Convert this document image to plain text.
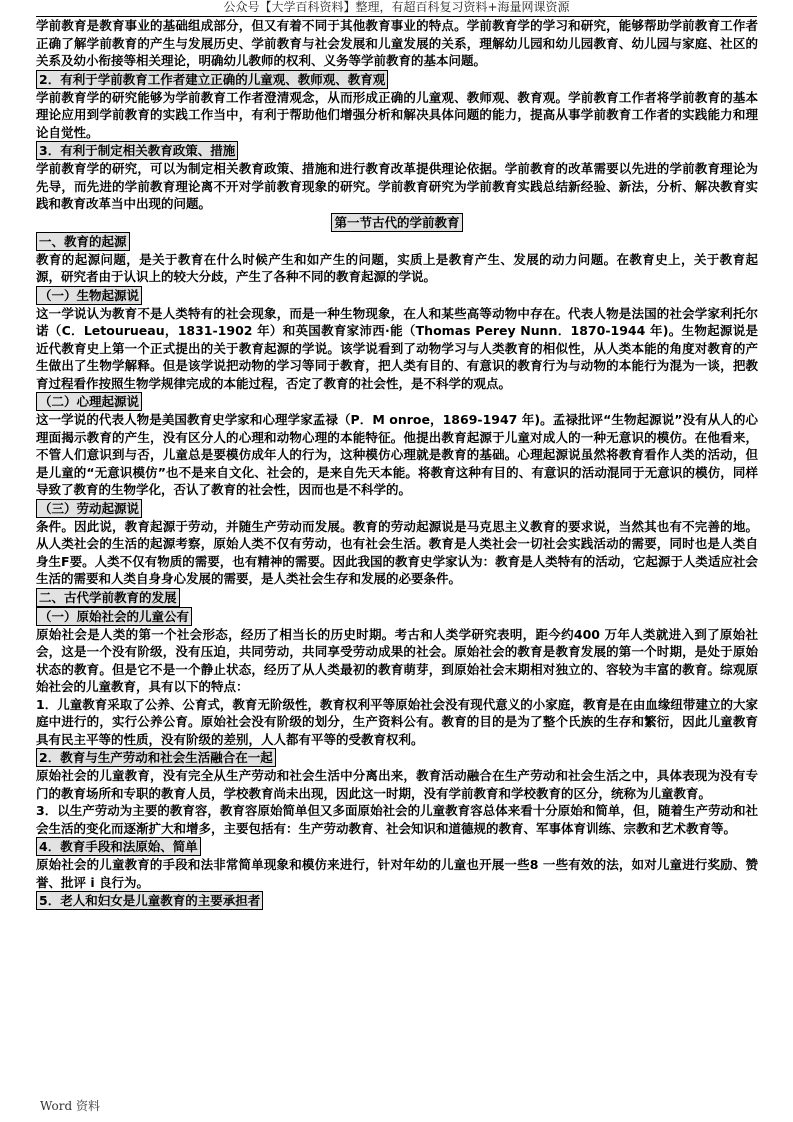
公众号【大学百科资料】整理，有超百科复习资料+海量网课资源

学前教育是教育事业的基础组成部分，但又有着不同于其他教育事业的特点。学前教育学的学习和研究，能够帮助学前教育工作者正确了解学前教育的产生与发展历史、学前教育与社会发展和儿童发展的关系，理解幼儿园和幼儿园教育、幼儿园与家庭、社区的关系及幼小衔接等相关理论，明确幼儿教师的权利、义务等学前教育的基本问题。

2．有利于学前教育工作者建立正确的儿童观、教师观、教育观

学前教育学的研究能够为学前教育工作者澄清观念，从而形成正确的儿童观、教师观、教育观。学前教育工作者将学前教育的基本理论应用到学前教育的实践工作当中，有利于帮助他们增强分析和解决具体问题的能力，提高从事学前教育工作者的实践能力和理论自觉性。

3．有利于制定相关教育政策、措施

学前教育学的研究，可以为制定相关教育政策、措施和进行教育改革提供理论依据。学前教育的改革需要以先进的学前教育理论为先导，而先进的学前教育理论离不开对学前教育现象的研究。学前教育研究为学前教育实践总结新经验、新法，分析、解决教育实践和教育改革当中出现的问题。

第一节古代的学前教育
一、教育的起源

教育的起源问题，是关于教育在什么时候产生和如产生的问题，实质上是教育产生、发展的动力问题。在教育史上，关于教育起源，研究者由于认识上的较大分歧，产生了各种不同的教育起源的学说。

（一）生物起源说

这一学说认为教育不是人类特有的社会现象，而是一种生物现象，在人和某些高等动物中存在。代表人物是法国的社会学家利托尔诺（C．Letourueau，1831-1902 年）和英国教育家沛西·能（Thomas Perey Nunn．1870-1944 年)。生物起源说是近代教育史上第一个正式提出的关于教育起源的学说。该学说看到了动物学习与人类教育的相似性，从人类本能的角度对教育的产生做出了生物学解释。但是该学说把动物的学习等同于教育，把人类有目的、有意识的教育行为与动物的本能行为混为一谈，把教育过程看作按照生物学规律完成的本能过程，否定了教育的社会性，是不科学的观点。

（二）心理起源说

这一学说的代表人物是美国教育史学家和心理学家孟禄（P．M onroe，1869-1947 年)。孟禄批评“生物起源说”没有从人的心理面揭示教育的产生，没有区分人的心理和动物心理的本能特征。他提出教育起源于儿童对成人的一种无意识的模仿。在他看来，不管人们意识到与否，儿童总是要模仿成年人的行为，这种模仿心理就是教育的基础。心理起源说虽然将教育看作人类的活动，但是儿童的“无意识模仿”也不是来自文化、社会的，是来自先天本能。将教育这种有目的、有意识的活动混同于无意识的模仿，同样导致了教育的生物学化，否认了教育的社会性，因而也是不科学的。

（三）劳动起源说

条件。因此说，教育起源于劳动，并随生产劳动而发展。教育的劳动起源说是马克思主义教育的要求说，当然其也有不完善的地。从人类社会的生活的起源考察，原始人类不仅有劳动，也有社会生活。教育是人类社会一切社会实践活动的需要，同时也是人类自身生F要。人类不仅有物质的需要，也有精神的需要。因此我国的教育史学家认为：教育是人类特有的活动，它起源于人类适应社会生活的需要和人类自身身心发展的需要，是人类社会生存和发展的必要条件。

二、古代学前教育的发展
（一）原始社会的儿童公有

原始社会是人类的第一个社会形态，经历了相当长的历史时期。考古和人类学研究表明，距今约400 万年人类就进入到了原始社会，这是一个没有阶级，没有压迫，共同劳动，共同享受劳动成果的社会。原始社会的教育是教育发展的第一个时期，是处于原始状态的教育。但是它不是一个静止状态，经历了从人类最初的教育萌芽，到原始社会末期相对独立的、容较为丰富的教育。综观原始社会的儿童教育，具有以下的特点：

1．儿童教育采取了公养、公育式，教育无阶级性，教育权利平等原始社会没有现代意义的小家庭，教育是在由血缘纽带建立的大家庭中进行的，实行公养公育。原始社会没有阶级的划分，生产资料公有。教育的目的是为了整个氏族的生存和繁衍，因此儿童教育具有民主平等的性质，没有阶级的差别，人人都有平等的受教育权利。

2．教育与生产劳动和社会生活融合在一起

原始社会的儿童教育，没有完全从生产劳动和社会生活中分离出来，教育活动融合在生产劳动和社会生活之中，具体表现为没有专门的教育场所和专职的教育人员，学校教育尚未出现，因此这一时期，没有学前教育和学校教育的区分，统称为儿童教育。

3．以生产劳动为主要的教育容，教育容原始简单但又多面原始社会的儿童教育容总体来看十分原始和简单，但，随着生产劳动和社会生活的变化而逐渐扩大和增多，主要包括有：生产劳动教育、社会知识和道德规的教育、军事体育训练、宗教和艺术教育等。

4．教育手段和法原始、简单

原始社会的儿童教育的手段和法非常简单现象和模仿来进行，针对年幼的儿童也开展一些8 一些有效的法，如对儿童进行奖励、赞誉、批评 i 良行为。

5．老人和妇女是儿童教育的主要承担者
Word 资料
